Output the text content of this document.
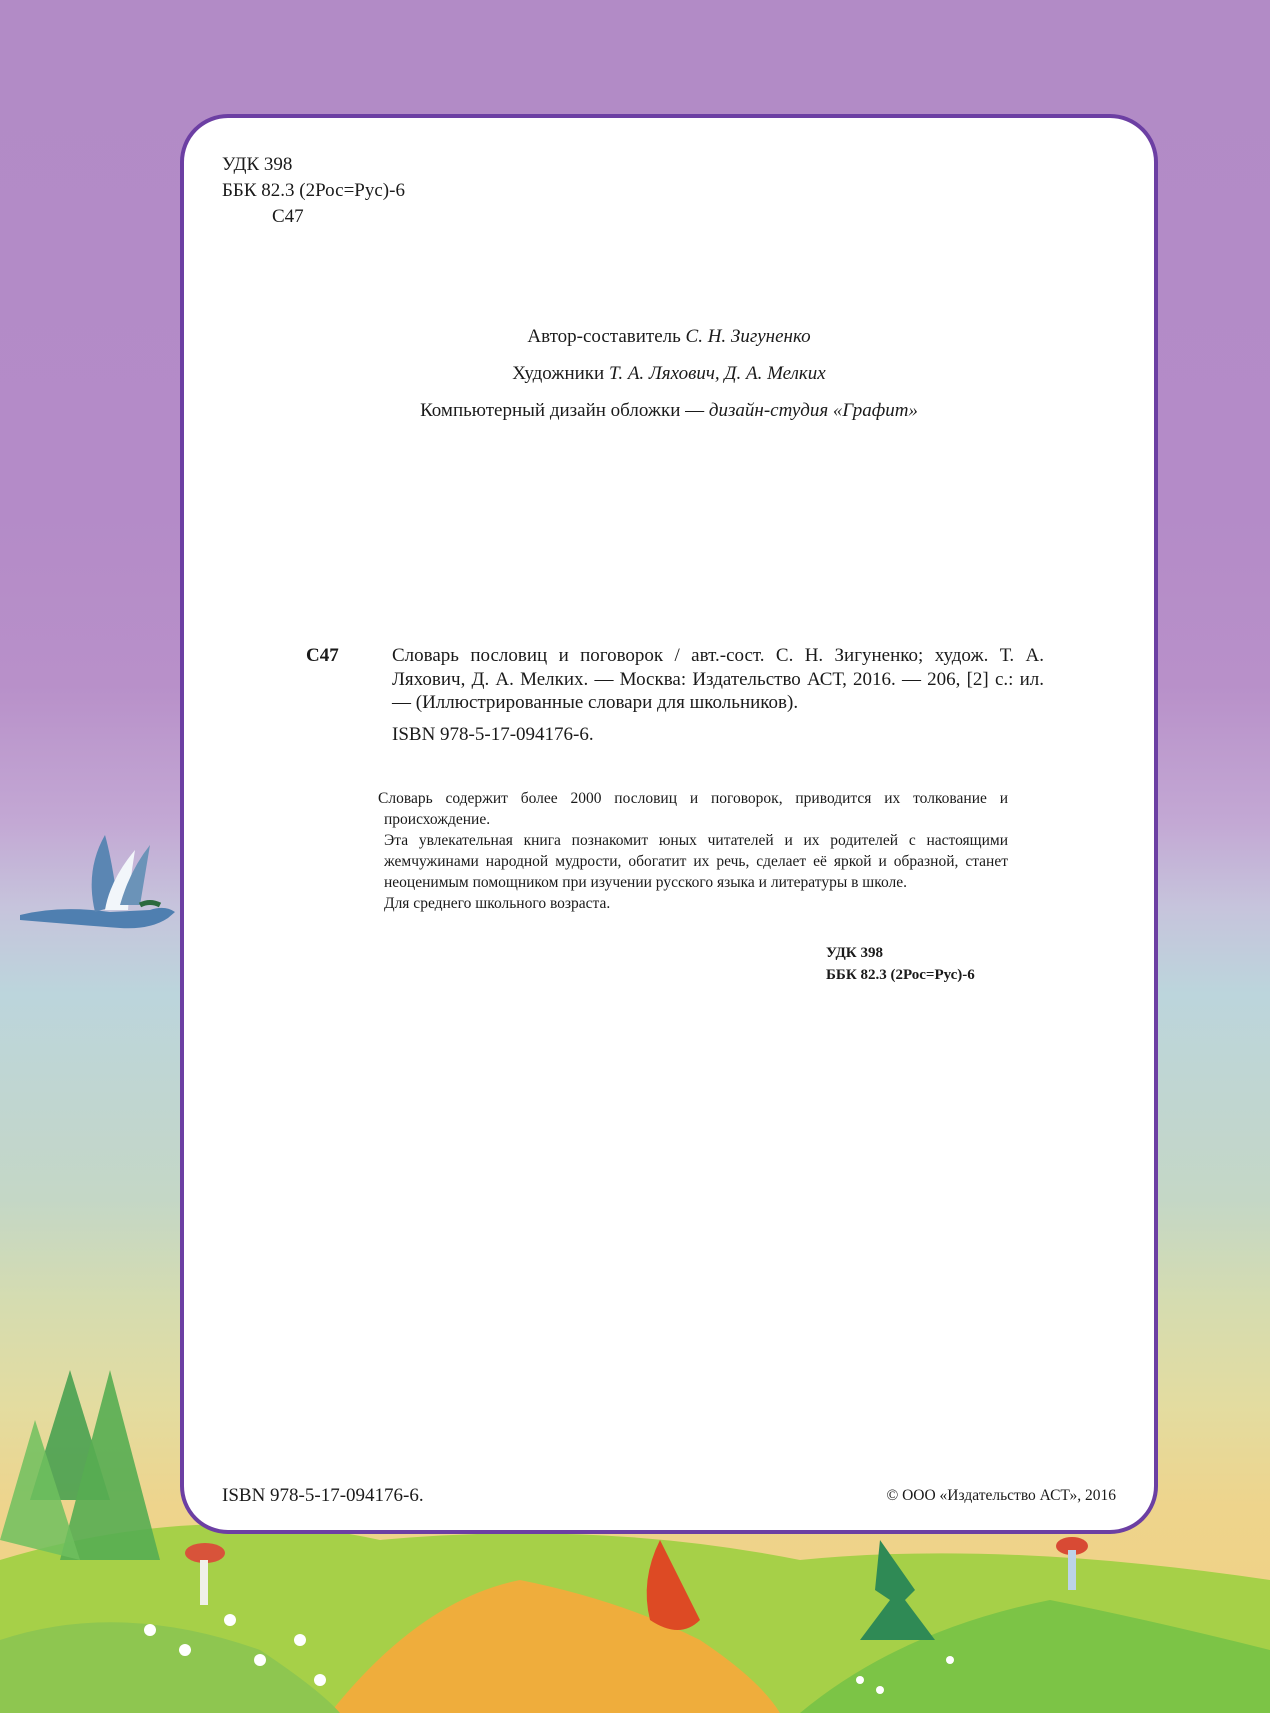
УДК 398
ББК 82.3 (2Рос=Рус)-6
С47
Автор-составитель С. Н. Зигуненко
Художники Т. А. Ляхович, Д. А. Мелких
Компьютерный дизайн обложки — дизайн-студия «Графит»
С47	Словарь пословиц и поговорок / авт.-сост. С. Н. Зигуненко; худож. Т. А. Ляхович, Д. А. Мелких. — Москва: Издательство АСТ, 2016. — 206, [2] с.: ил. — (Иллюстрированные словари для школьников).
ISBN 978-5-17-094176-6.

Словарь содержит более 2000 пословиц и поговорок, приводится их толкование и происхождение.

Эта увлекательная книга познакомит юных читателей и их родителей с настоящими жемчужинами народной мудрости, обогатит их речь, сделает её яркой и образной, станет неоценимым помощником при изучении русского языка и литературы в школе.

Для среднего школьного возраста.

УДК 398
ББК 82.3 (2Рос=Рус)-6
ISBN 978-5-17-094176-6.	© ООО «Издательство АСТ», 2016
